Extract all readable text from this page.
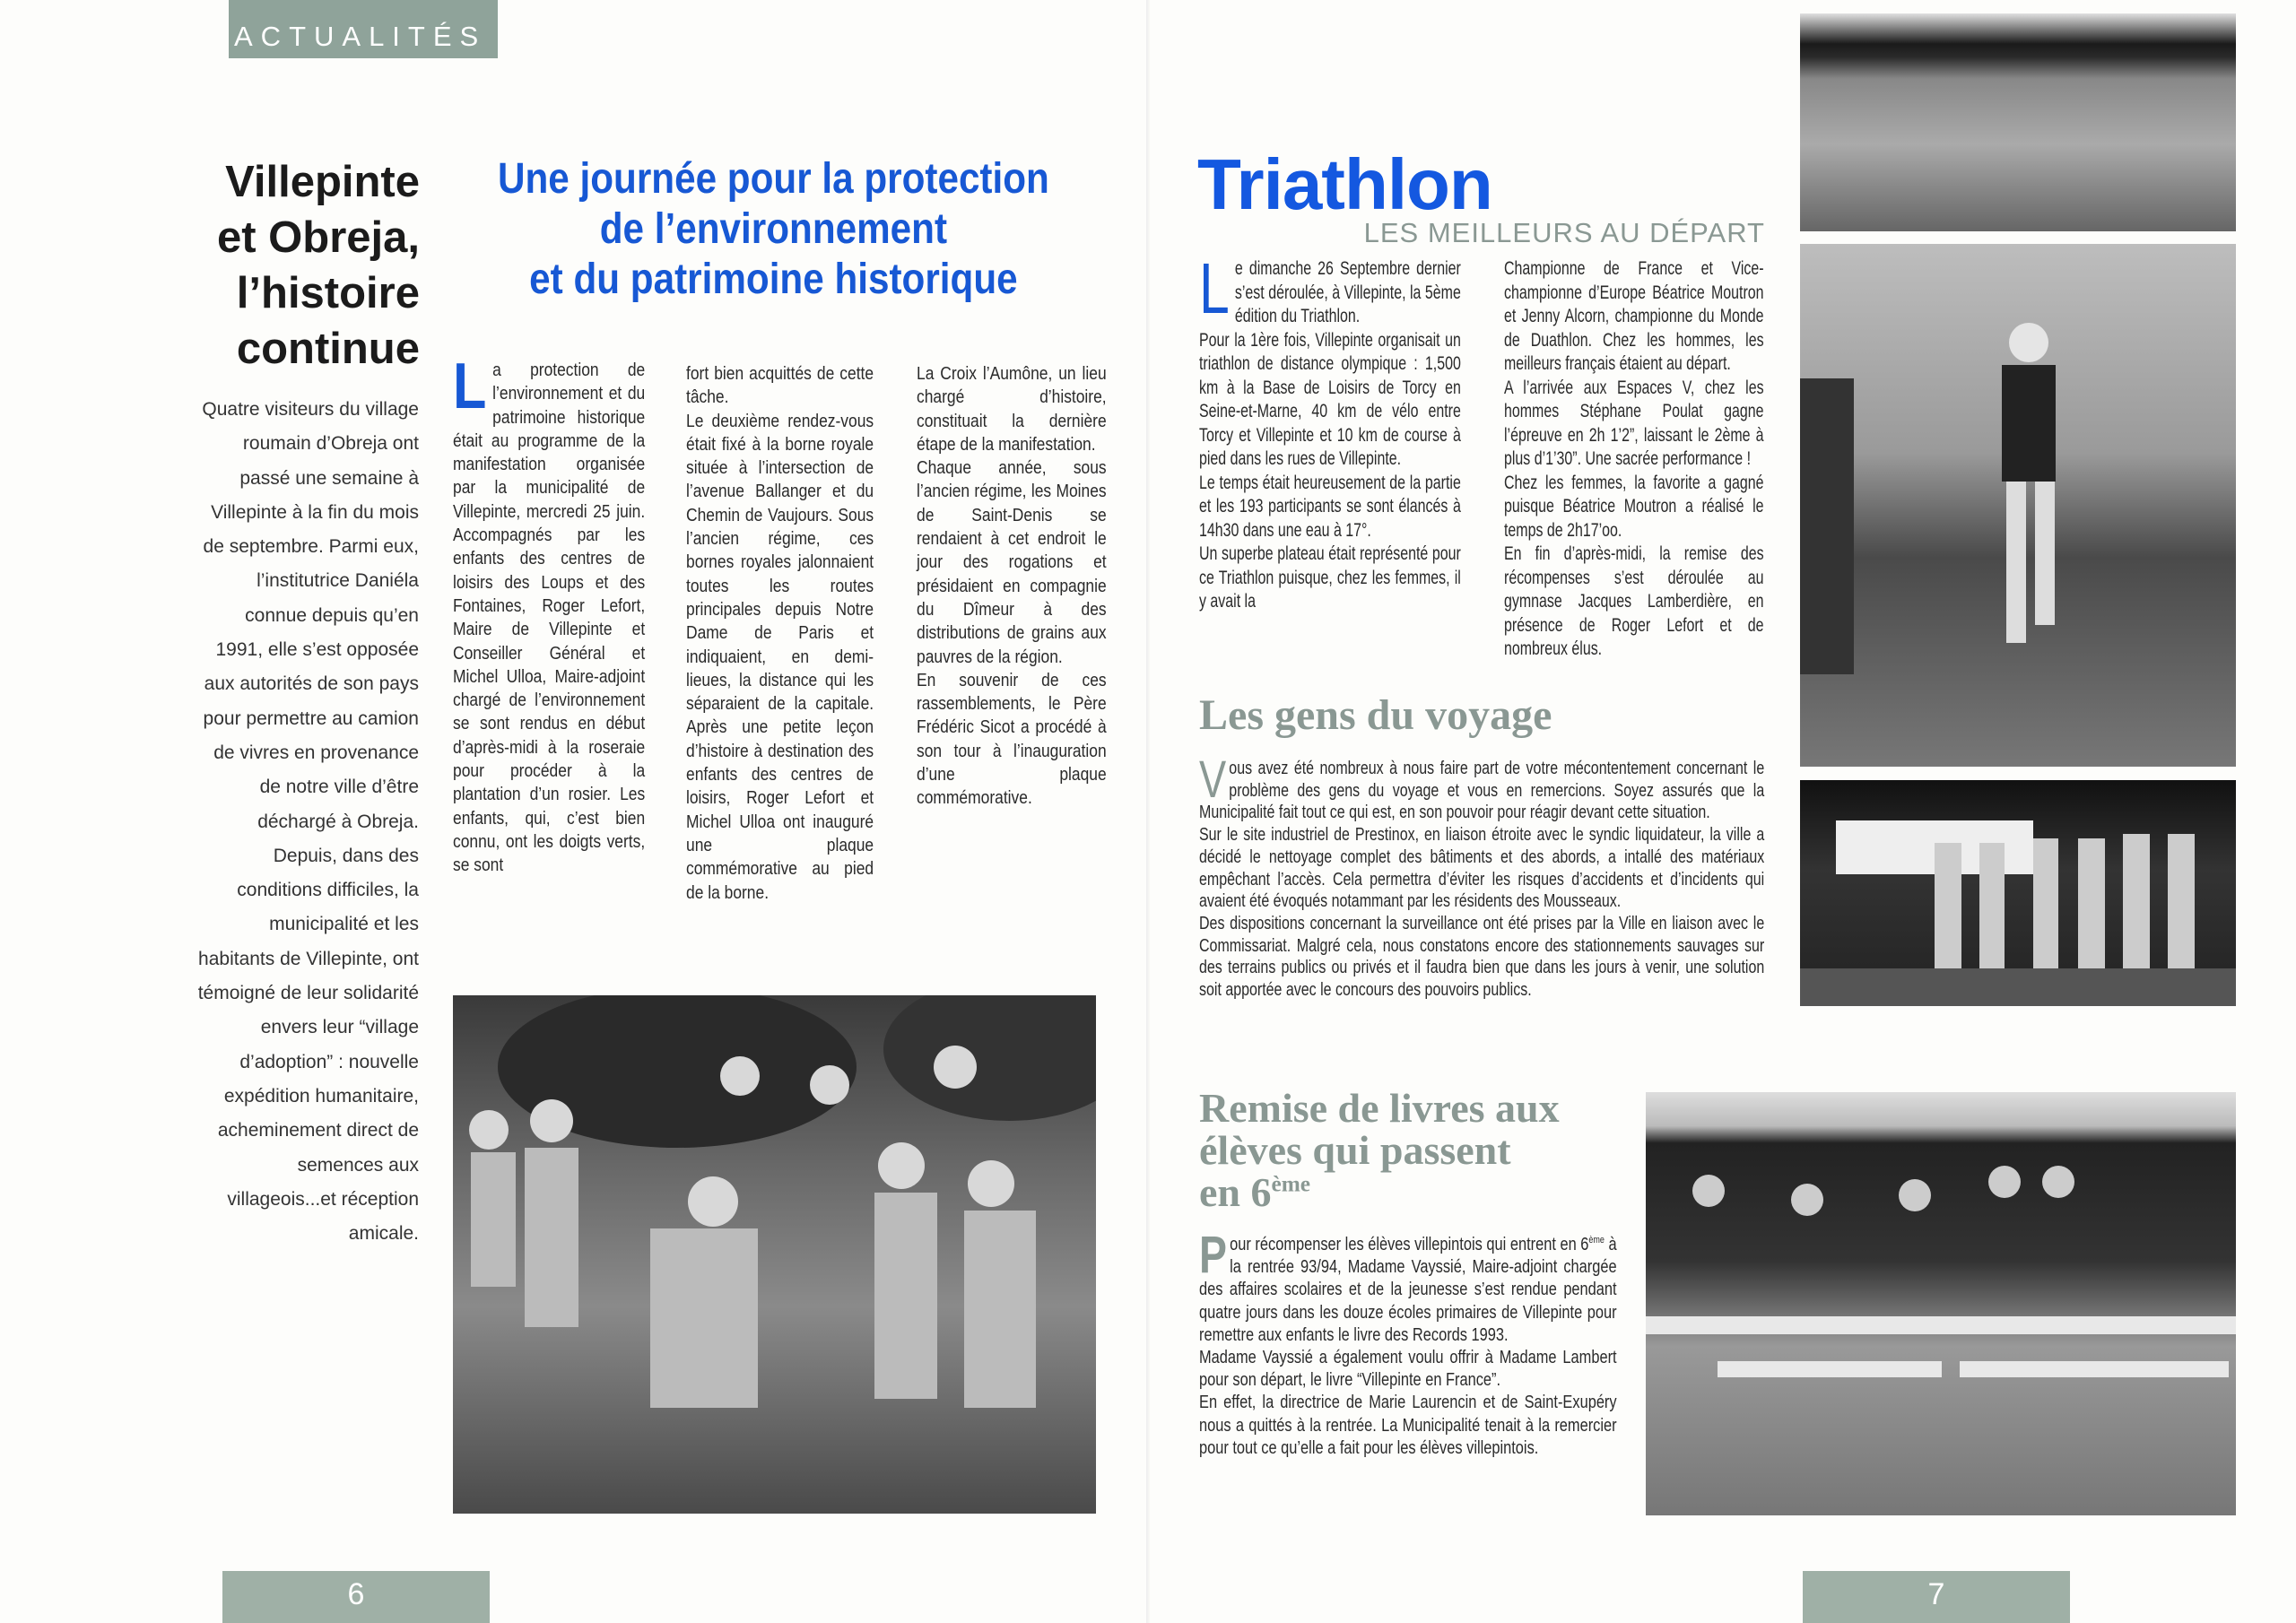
ACTUALITÉS
Villepinte
et Obreja,
l’histoire
continue

Quatre visiteurs du village roumain d’Obreja ont passé une semaine à Villepinte à la fin du mois de septembre. Parmi eux, l’institutrice Daniéla connue depuis qu’en 1991, elle s’est opposée aux autorités de son pays pour permettre au camion de vivres en provenance de notre ville d’être déchargé à Obreja.

Depuis, dans des conditions difficiles, la municipalité et les habitants de Villepinte, ont témoigné de leur solidarité envers leur “village d’adoption” : nouvelle expédition humanitaire, acheminement direct de semences aux villageois...et réception amicale.

Une journée pour la protection
de l’environnement
et du patrimoine historique
L a protection de l’environnement et du patrimoine historique était au programme de la manifestation organisée par la municipalité de Villepinte, mercredi 25 juin. Accompagnés par les enfants des centres de loisirs des Loups et des Fontaines, Roger Lefort, Maire de Villepinte et Conseiller Général et Michel Ulloa, Maire-adjoint chargé de l’environnement se sont rendus en début d’après-midi à la roseraie pour procéder à la plantation d’un rosier. Les enfants, qui, c’est bien connu, ont les doigts verts, se sont

fort bien acquittés de cette tâche.

Le deuxième rendez-vous était fixé à la borne royale située à l’intersection de l’avenue Ballanger et du Chemin de Vaujours. Sous l’ancien régime, ces bornes royales jalonnaient toutes les routes principales depuis Notre Dame de Paris et indiquaient, en demi-lieues, la distance qui les séparaient de la capitale. Après une petite leçon d’histoire à destination des enfants des centres de loisirs, Roger Lefort et Michel Ulloa ont inauguré une plaque commémorative au pied de la borne.

La Croix l’Aumône, un lieu chargé d’histoire, constituait la dernière étape de la manifestation.

Chaque année, sous l’ancien régime, les Moines de Saint-Denis se rendaient à cet endroit le jour des rogations et présidaient en compagnie du Dîmeur à des distributions de grains aux pauvres de la région.

En souvenir de ces rassemblements, le Père Frédéric Sicot a procédé à son tour à l’inauguration d’une plaque commémorative.

6
Triathlon
LES MEILLEURS AU DÉPART
L e dimanche 26 Septembre dernier s’est déroulée, à Villepinte, la 5ème édition du Triathlon.

Pour la 1ère fois, Villepinte organisait un triathlon de distance olympique : 1,500 km à la Base de Loisirs de Torcy en Seine-et-Marne, 40 km de vélo entre Torcy et Villepinte et 10 km de course à pied dans les rues de Villepinte.

Le temps était heureusement de la partie et les 193 participants se sont élancés à 14h30 dans une eau à 17°.

Un superbe plateau était représenté pour ce Triathlon puisque, chez les femmes, il y avait la

Championne de France et Vice-championne d’Europe Béatrice Moutron et Jenny Alcorn, championne du Monde de Duathlon. Chez les hommes, les meilleurs français étaient au départ.

A l’arrivée aux Espaces V, chez les hommes Stéphane Poulat gagne l’épreuve en 2h 1’2”, laissant le 2ème à plus d’1’30”. Une sacrée performance !

Chez les femmes, la favorite a gagné puisque Béatrice Moutron a réalisé le temps de 2h17’oo.

En fin d’après-midi, la remise des récompenses s’est déroulée au gymnase Jacques Lamberdière, en présence de Roger Lefort et de nombreux élus.

Les gens du voyage
V ous avez été nombreux à nous faire part de votre mécontentement concernant le problème des gens du voyage et vous en remercions. Soyez assurés que la Municipalité fait tout ce qui est, en son pouvoir pour réagir devant cette situation.

Sur le site industriel de Prestinox, en liaison étroite avec le syndic liquidateur, la ville a décidé le nettoyage complet des bâtiments et des abords, a intallé des matériaux empêchant l’accès. Cela permettra d’éviter les risques d’accidents et d’incidents qui avaient été évoqués notammant par les résidents des Mousseaux.

Des dispositions concernant la surveillance ont été prises par la Ville en liaison avec le Commissariat. Malgré cela, nous constatons encore des stationnements sauvages sur des terrains publics ou privés et il faudra bien que dans les jours à venir, une solution soit apportée avec le concours des pouvoirs publics.

Remise de livres aux
élèves qui passent
en 6ème
P our récompenser les élèves villepintois qui entrent en 6ème à la rentrée 93/94, Madame Vayssié, Maire-adjoint chargée des affaires scolaires et de la jeunesse s’est rendue pendant quatre jours dans les douze écoles primaires de Villepinte pour remettre aux enfants le livre des Records 1993.

Madame Vayssié a également voulu offrir à Madame Lambert pour son départ, le livre “Villepinte en France”.

En effet, la directrice de Marie Laurencin et de Saint-Exupéry nous a quittés à la rentrée. La Municipalité tenait à la remercier pour tout ce qu’elle a fait pour les élèves villepintois.

7
